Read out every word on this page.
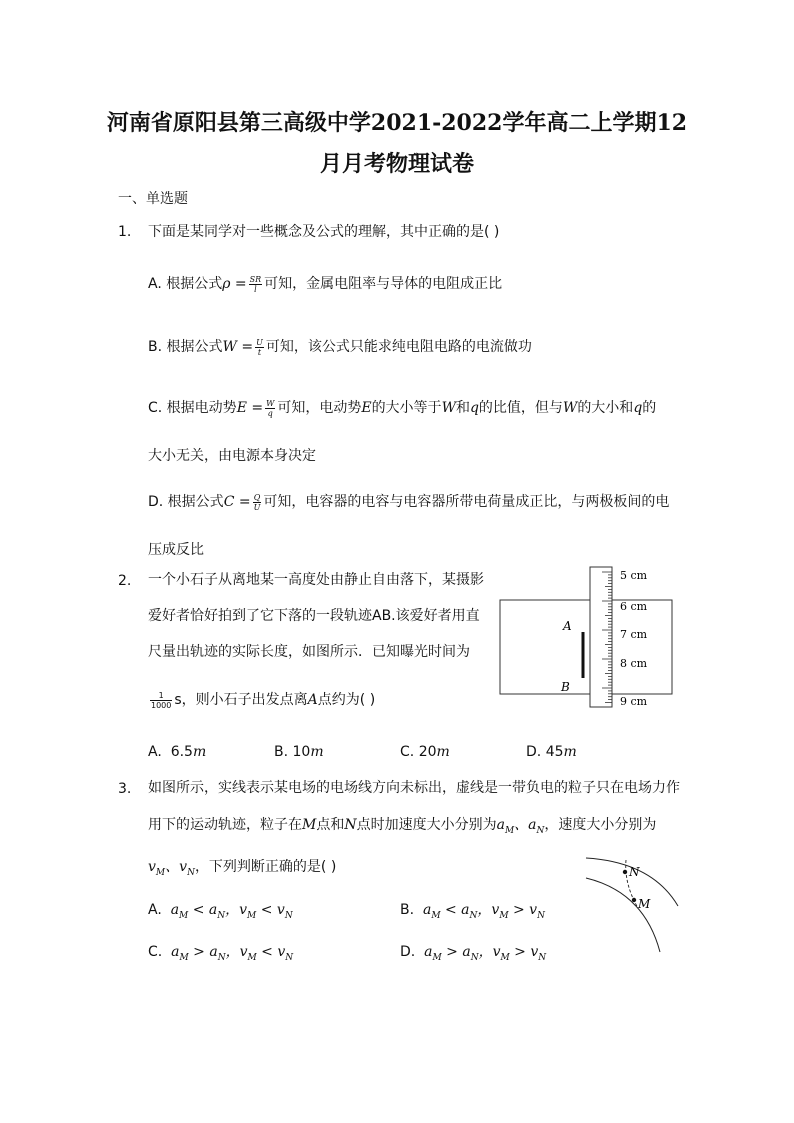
河南省原阳县第三高级中学2021-2022学年高二上学期12
月月考物理试卷
一、单选题
1. 下面是某同学对一些概念及公式的理解，其中正确的是( )
A. 根据公式$\rho = \frac{SR}{l}$ 可知，金属电阻率与导体的电阻成正比
B. 根据公式$W = \frac{U}{t}$ 可知，该公式只能求纯电阻电路的电流做功
C. 根据电动势$E = \frac{W}{q}$ 可知，电动势E的大小等于W和q的比值，但与W的大小和q的
大小无关，由电源本身决定
D. 根据公式$C = \frac{Q}{U}$ 可知，电容器的电容与电容器所带电荷量成正比，与两极板间的电
压成反比
2. 一个小石子从离地某一高度处由静止自由落下，某摄影
爱好者恰好拍到了它下落的一段轨迹AB.该爱好者用直
尺量出轨迹的实际长度，如图所示．已知曝光时间为
$\frac{1}{1000}$ s，则小石子出发点离A点约为( )
A. 6.5m	B. 10m	C. 20m	D. 45m
A
B
5 cm
6 cm
7 cm
8 cm
9 cm
3. 如图所示，实线表示某电场的电场线方向未标出，虚线是一带负电的粒子只在电场力作
用下的运动轨迹，粒子在M点和N点时加速度大小分别为$a_M$、$a_N$，速度大小分别为
$v_M$、$v_N$，下列判断正确的是( )
A. $a_M < a_N$，$v_M < v_N$	B. $a_M < a_N$，$v_M > v_N$
C. $a_M > a_N$，$v_M < v_N$	D. $a_M > a_N$，$v_M > v_N$
N
M
